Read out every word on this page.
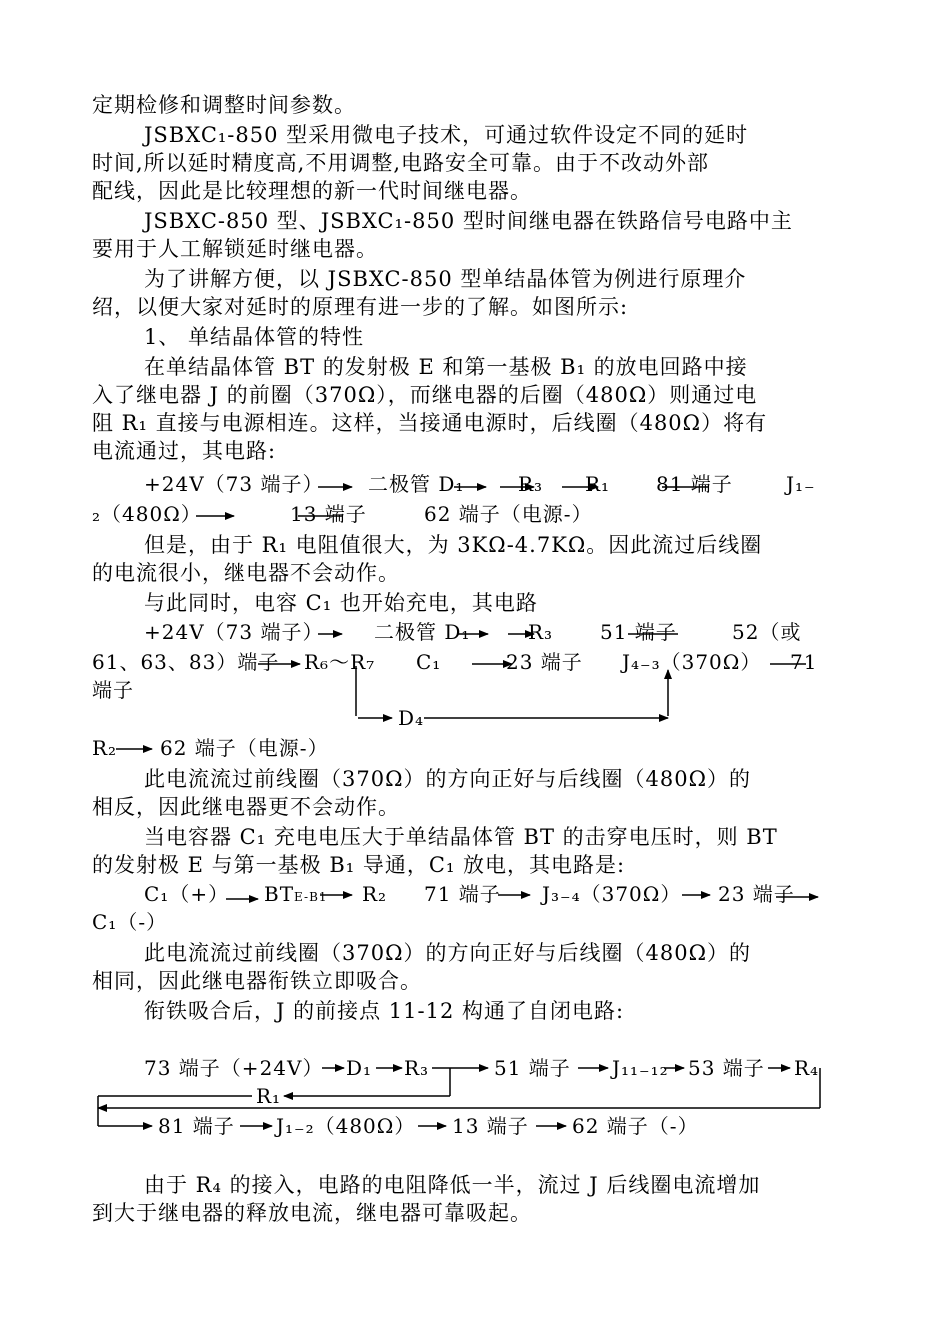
定期检修和调整时间参数。
JSBXC₁-850 型采用微电子技术，可通过软件设定不同的延时
时间,所以延时精度高,不用调整,电路安全可靠。由于不改动外部
配线，因此是比较理想的新一代时间继电器。
JSBXC-850 型、JSBXC₁-850 型时间继电器在铁路信号电路中主
要用于人工解锁延时继电器。
为了讲解方便，以 JSBXC-850 型单结晶体管为例进行原理介
绍，以便大家对延时的原理有进一步的了解。如图所示:
1、 单结晶体管的特性
在单结晶体管 BT 的发射极 E 和第一基极 B₁ 的放电回路中接
入了继电器 J 的前圈（370Ω），而继电器的后圈（480Ω）则通过电
阻 R₁ 直接与电源相连。这样，当接通电源时，后线圈（480Ω）将有
电流通过，其电路:
+24V（73 端子） 二极管 D₁	R₃ R₁ 81 端子	J₁₋
₂（480Ω）	13 端子	62 端子（电源-）
但是，由于 R₁ 电阻值很大，为 3KΩ-4.7KΩ。因此流过后线圈
的电流很小，继电器不会动作。
与此同时，电容 C₁ 也开始充电，其电路
+24V（73 端子）	二极管 D₁	R₃ 51 端子	52（或
61、63、83）端子 R₆～R₇ C₁	23 端子 J₄₋₃（370Ω） 71
端子
D₄
R₂ 62 端子（电源-）
此电流流过前线圈（370Ω）的方向正好与后线圈（480Ω）的
相反，因此继电器更不会动作。
当电容器 C₁ 充电电压大于单结晶体管 BT 的击穿电压时，则 BT
的发射极 E 与第一基极 B₁ 导通，C₁ 放电，其电路是:
C₁（+） BTE-B1 R₂ 71 端子 J₃₋₄（370Ω） 23 端子
C₁（-）
此电流流过前线圈（370Ω）的方向正好与后线圈（480Ω）的
相同，因此继电器衔铁立即吸合。
衔铁吸合后，J 的前接点 11-12 构通了自闭电路:
73 端子（+24V） D₁ R₃	51 端子 J₁₁₋₁₂ 53 端子 R₄
R₁
81 端子 J₁₋₂（480Ω） 13 端子 62 端子（-）
由于 R₄ 的接入，电路的电阻降低一半，流过 J 后线圈电流增加
到大于继电器的释放电流，继电器可靠吸起。
